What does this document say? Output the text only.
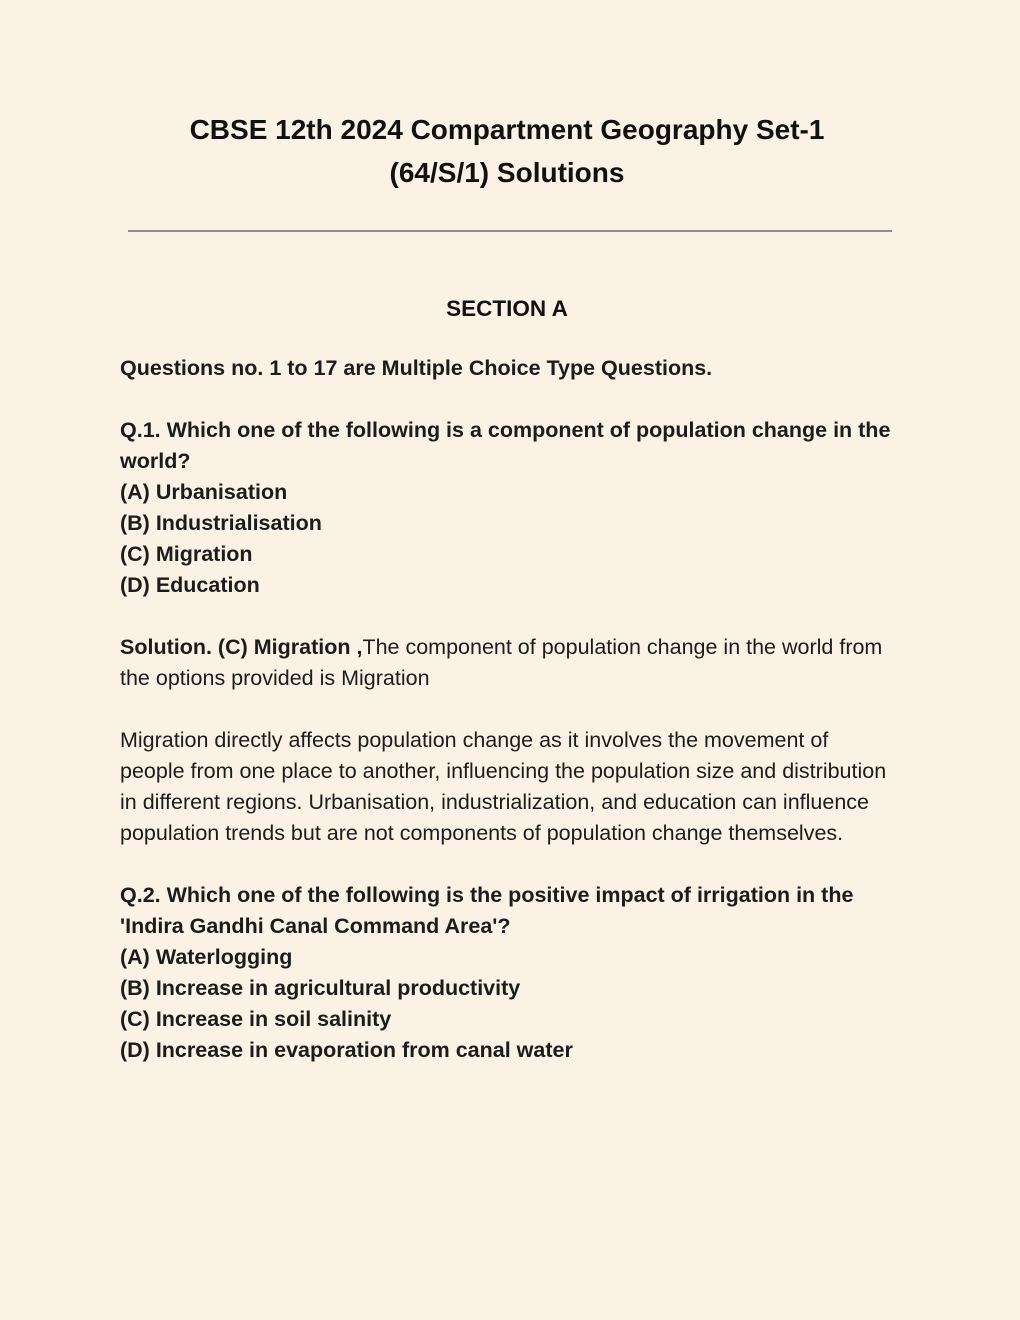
CBSE 12th 2024 Compartment Geography Set-1
(64/S/1) Solutions
SECTION A

Questions no. 1 to 17 are Multiple Choice Type Questions.

Q.1. Which one of the following is a component of population change in the world?

(A) Urbanisation

(B) Industrialisation

(C) Migration

(D) Education

Solution. (C) Migration ,The component of population change in the world from the options provided is Migration

Migration directly affects population change as it involves the movement of people from one place to another, influencing the population size and distribution in different regions. Urbanisation, industrialization, and education can influence population trends but are not components of population change themselves.

Q.2. Which one of the following is the positive impact of irrigation in the 'Indira Gandhi Canal Command Area'?

(A) Waterlogging

(B) Increase in agricultural productivity

(C) Increase in soil salinity

(D) Increase in evaporation from canal water
